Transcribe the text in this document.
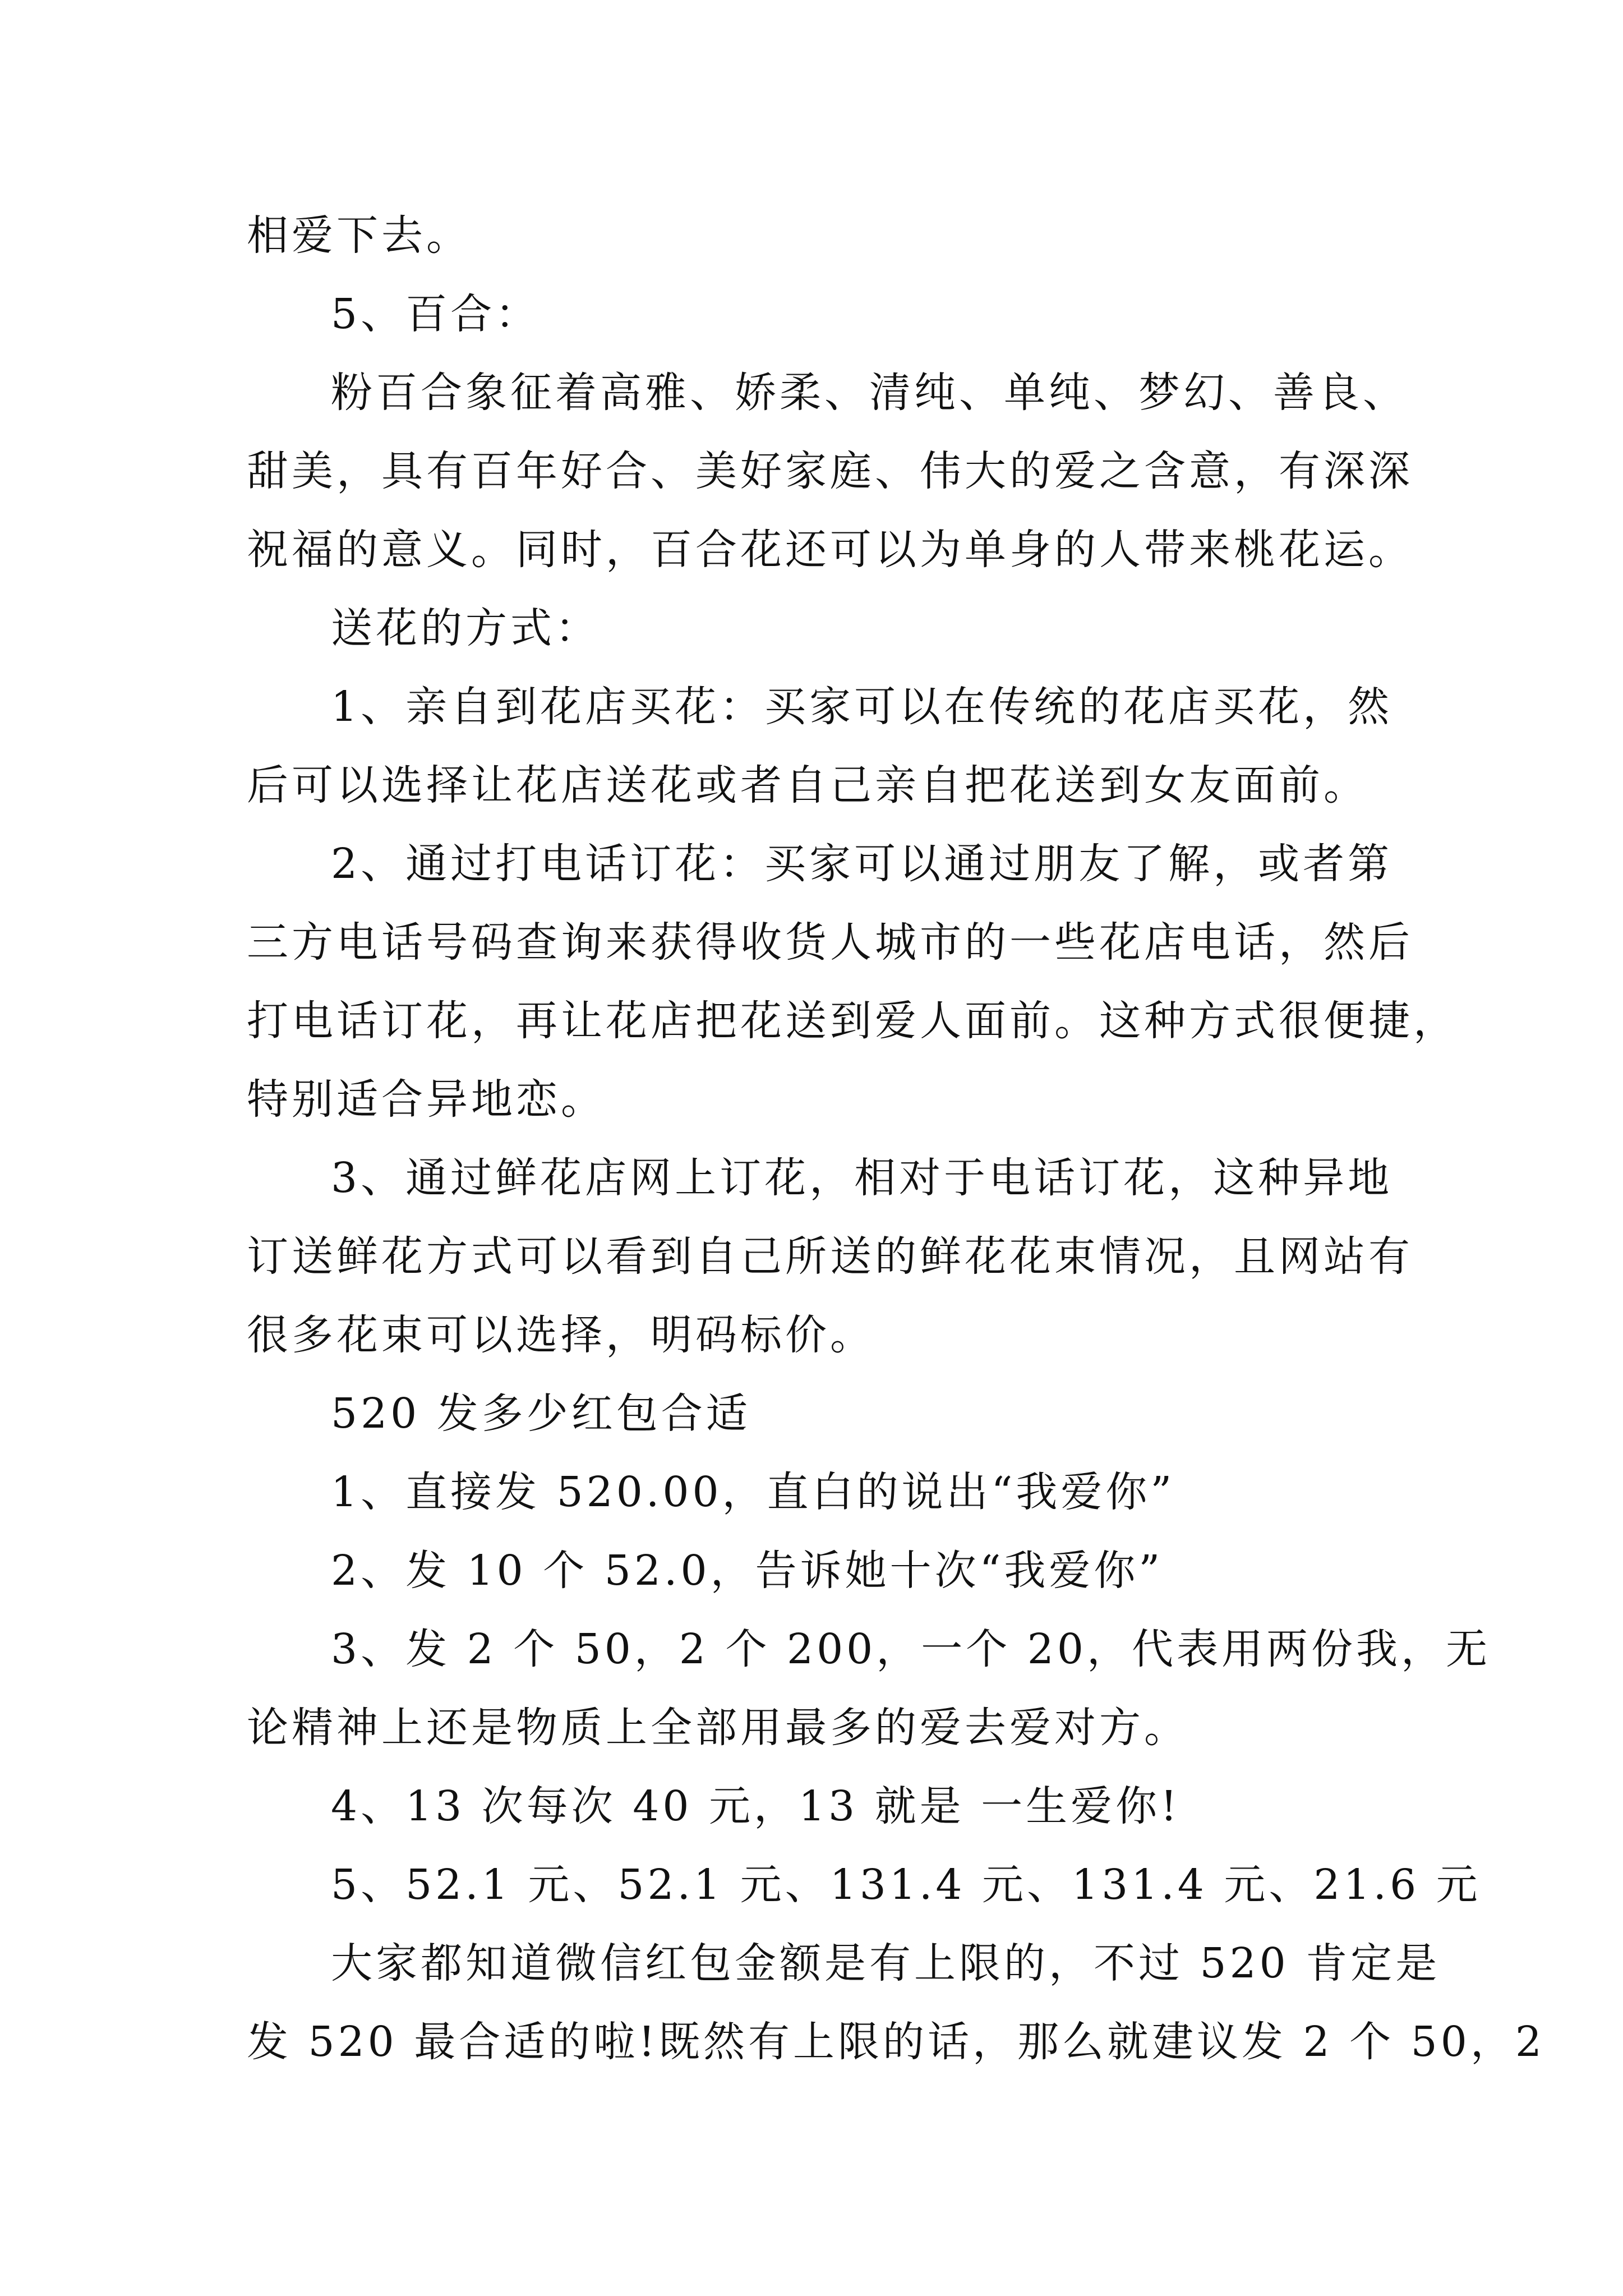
相爱下去。
5、百合：
粉百合象征着高雅、娇柔、清纯、单纯、梦幻、善良、
甜美，具有百年好合、美好家庭、伟大的爱之含意，有深深
祝福的意义。同时，百合花还可以为单身的人带来桃花运。
送花的方式：
1、亲自到花店买花：买家可以在传统的花店买花，然
后可以选择让花店送花或者自己亲自把花送到女友面前。
2、通过打电话订花：买家可以通过朋友了解，或者第
三方电话号码查询来获得收货人城市的一些花店电话，然后
打电话订花，再让花店把花送到爱人面前。这种方式很便捷，
特别适合异地恋。
3、通过鲜花店网上订花，相对于电话订花，这种异地
订送鲜花方式可以看到自己所送的鲜花花束情况，且网站有
很多花束可以选择，明码标价。
520 发多少红包合适
1、直接发 520.00，直白的说出“我爱你”
2、发 10 个 52.0，告诉她十次“我爱你”
3、发 2 个 50，2 个 200，一个 20，代表用两份我，无
论精神上还是物质上全部用最多的爱去爱对方。
4、13 次每次 40 元，13 就是 一生爱你!
5、52.1 元、52.1 元、131.4 元、131.4 元、21.6 元
大家都知道微信红包金额是有上限的，不过 520 肯定是
发 520 最合适的啦!既然有上限的话，那么就建议发 2 个 50，2
